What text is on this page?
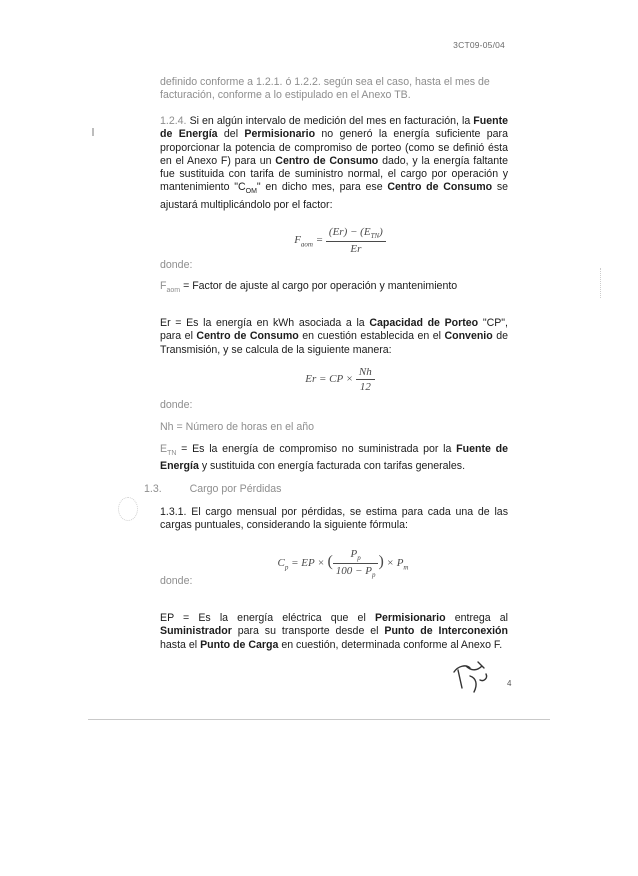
3CT09-05/04

definido conforme a 1.2.1. ó 1.2.2. según sea el caso, hasta el mes de

facturación, conforme a lo estipulado en el Anexo TB.

1.2.4. Si en algún intervalo de medición del mes en facturación, la Fuente de Energía del Permisionario no generó la energía suficiente para proporcionar la potencia de compromiso de porteo (como se definió ésta en el Anexo F) para un Centro de Consumo dado, y la energía faltante fue sustituida con tarifa de suministro normal, el cargo por operación y mantenimiento "$C_{OM}$" en dicho mes, para ese Centro de Consumo se ajustará multiplicándolo por el factor:

$F_{aom} = \frac{(Er) - (E_{TN})}{Er}$

donde:

$F_{aom}$ = Factor de ajuste al cargo por operación y mantenimiento

Er = Es la energía en kWh asociada a la Capacidad de Porteo "CP", para el Centro de Consumo en cuestión establecida en el Convenio de Transmisión, y se calcula de la siguiente manera:

Er = CP × $\frac{Nh}{12}$

donde:

Nh = Número de horas en el año

$E_{TN} = Es$ la energía de compromiso no suministrada por la Fuente de Energía y sustituida con energía facturada con tarifas generales.

1.3.	Cargo por Pérdidas

1.3.1. El cargo mensual por pérdidas, se estima para cada una de las cargas puntuales, considerando la siguiente fórmula:

$C_p$ = EP × ( $\frac{P_p}{100 - P_p}$ ) × $P_m$

donde:

EP = Es la energía eléctrica que el Permisionario entrega al Suministrador para su transporte desde el Punto de Interconexión hasta el Punto de Carga en cuestión, determinada conforme al Anexo F.

4
